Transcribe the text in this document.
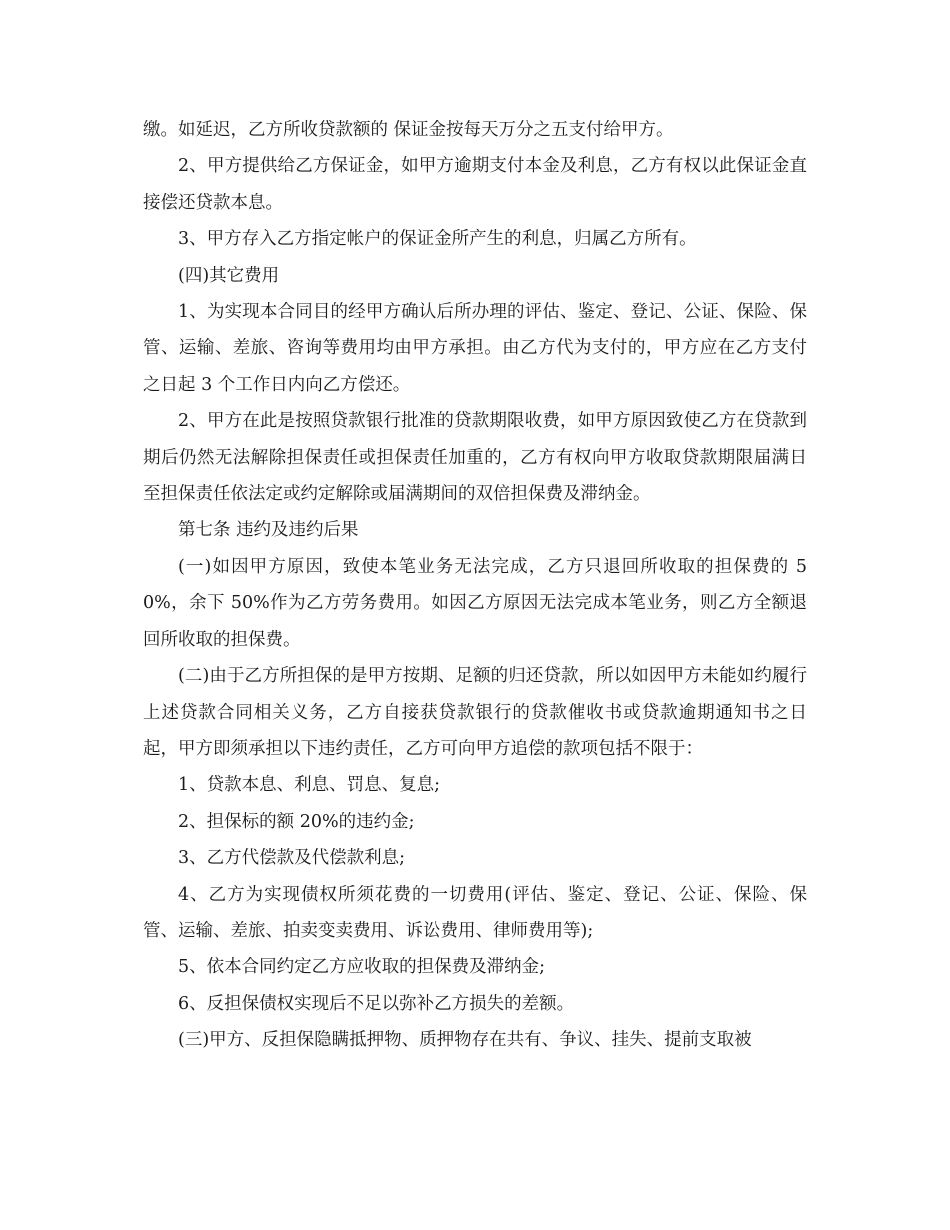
缴。如延迟，乙方所收贷款额的 保证金按每天万分之五支付给甲方。

2、甲方提供给乙方保证金，如甲方逾期支付本金及利息，乙方有权以此保证金直接偿还贷款本息。

3、甲方存入乙方指定帐户的保证金所产生的利息，归属乙方所有。

(四)其它费用

1、为实现本合同目的经甲方确认后所办理的评估、鉴定、登记、公证、保险、保管、运输、差旅、咨询等费用均由甲方承担。由乙方代为支付的，甲方应在乙方支付之日起 3 个工作日内向乙方偿还。

2、甲方在此是按照贷款银行批准的贷款期限收费，如甲方原因致使乙方在贷款到期后仍然无法解除担保责任或担保责任加重的，乙方有权向甲方收取贷款期限届满日至担保责任依法定或约定解除或届满期间的双倍担保费及滞纳金。

第七条 违约及违约后果

(一)如因甲方原因，致使本笔业务无法完成，乙方只退回所收取的担保费的 50%，余下 50%作为乙方劳务费用。如因乙方原因无法完成本笔业务，则乙方全额退回所收取的担保费。

(二)由于乙方所担保的是甲方按期、足额的归还贷款，所以如因甲方未能如约履行上述贷款合同相关义务，乙方自接获贷款银行的贷款催收书或贷款逾期通知书之日起，甲方即须承担以下违约责任，乙方可向甲方追偿的款项包括不限于：

1、贷款本息、利息、罚息、复息;

2、担保标的额 20%的违约金;

3、乙方代偿款及代偿款利息;

4、乙方为实现债权所须花费的一切费用(评估、鉴定、登记、公证、保险、保管、运输、差旅、拍卖变卖费用、诉讼费用、律师费用等);

5、依本合同约定乙方应收取的担保费及滞纳金;

6、反担保债权实现后不足以弥补乙方损失的差额。

(三)甲方、反担保隐瞒抵押物、质押物存在共有、争议、挂失、提前支取被
